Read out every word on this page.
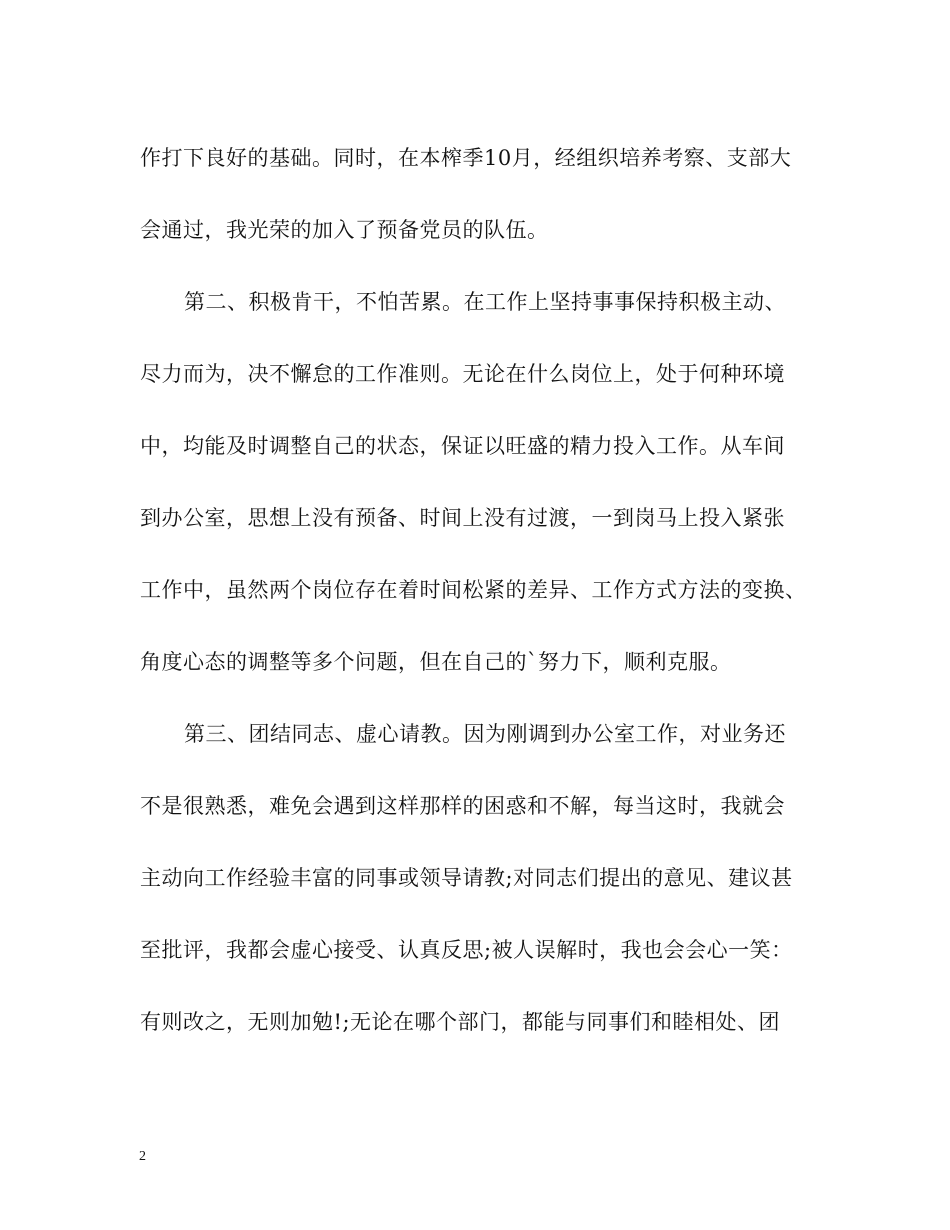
作打下良好的基础。同时，在本榨季10月，经组织培养考察、支部大
会通过，我光荣的加入了预备党员的队伍。
第二、积极肯干，不怕苦累。在工作上坚持事事保持积极主动、
尽力而为，决不懈怠的工作准则。无论在什么岗位上，处于何种环境
中，均能及时调整自己的状态，保证以旺盛的精力投入工作。从车间
到办公室，思想上没有预备、时间上没有过渡，一到岗马上投入紧张
工作中，虽然两个岗位存在着时间松紧的差异、工作方式方法的变换、
角度心态的调整等多个问题，但在自己的`努力下，顺利克服。
第三、团结同志、虚心请教。因为刚调到办公室工作，对业务还
不是很熟悉，难免会遇到这样那样的困惑和不解，每当这时，我就会
主动向工作经验丰富的同事或领导请教;对同志们提出的意见、建议甚
至批评，我都会虚心接受、认真反思;被人误解时，我也会会心一笑：
有则改之，无则加勉!;无论在哪个部门，都能与同事们和睦相处、团
2
